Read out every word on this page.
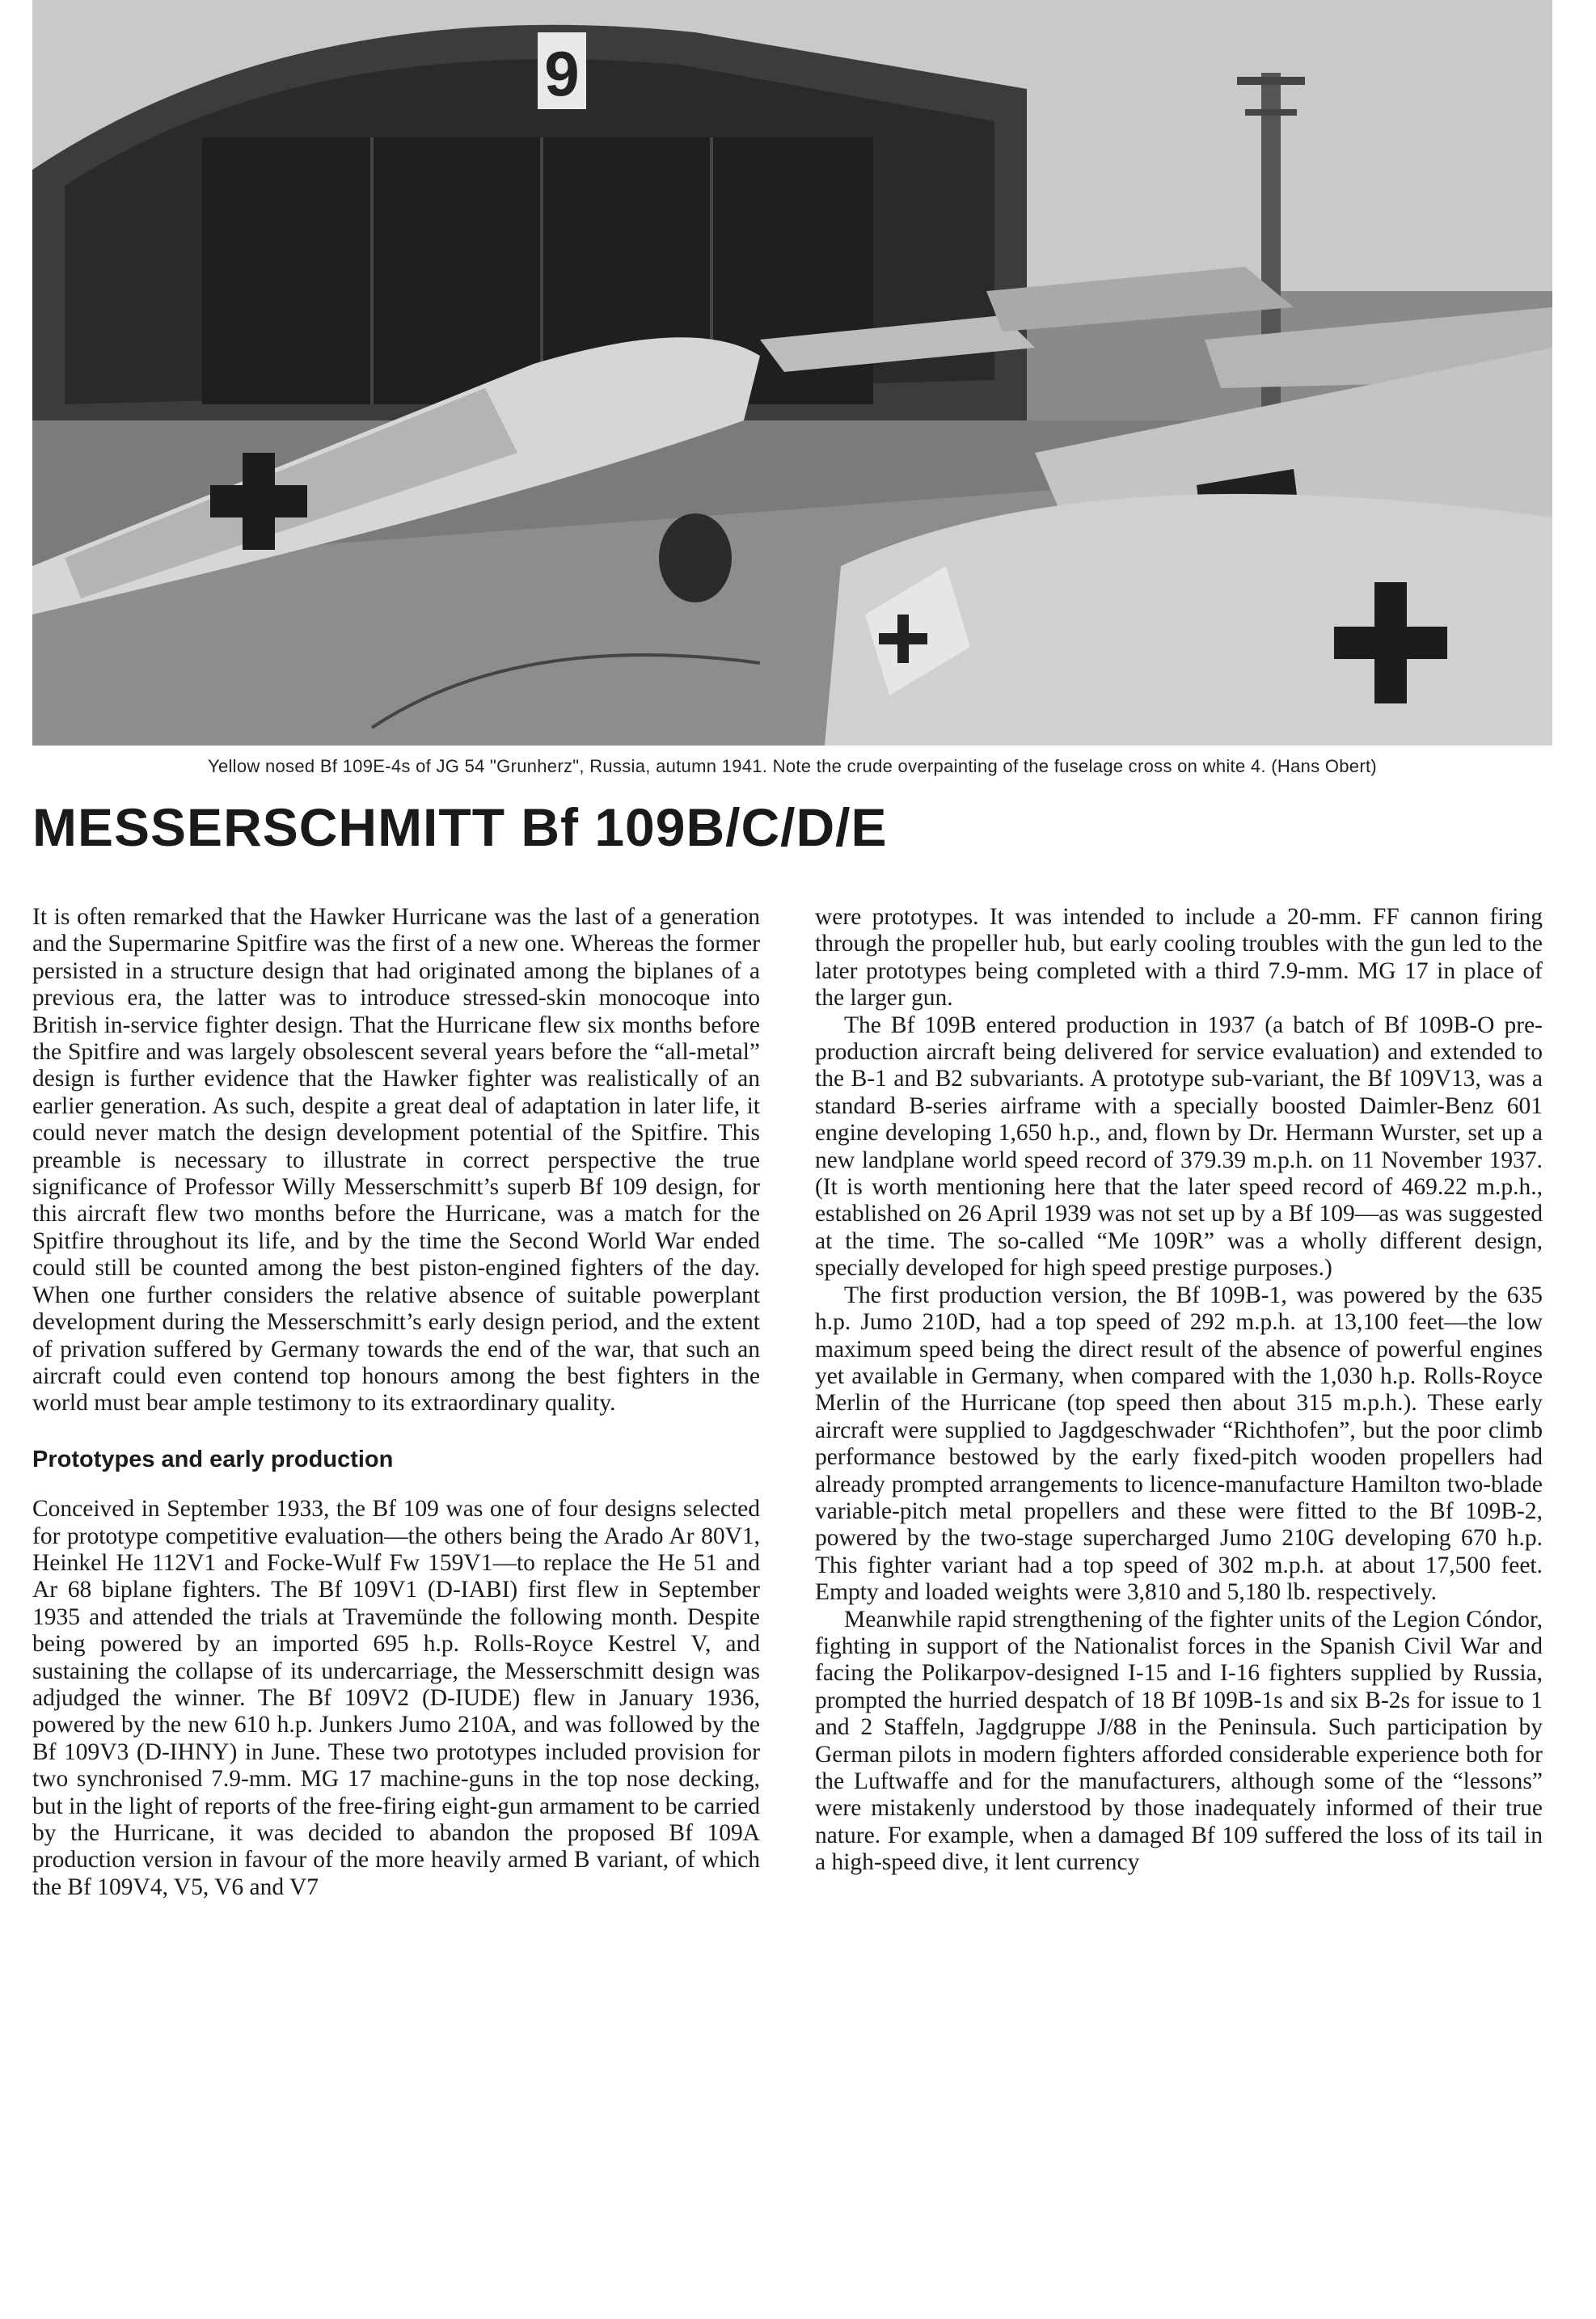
9
Yellow nosed Bf 109E-4s of JG 54 "Grunherz", Russia, autumn 1941. Note the crude overpainting of the fuselage cross on white 4. (Hans Obert)
MESSERSCHMITT Bf 109B/C/D/E

It is often remarked that the Hawker Hurricane was the last of a generation and the Supermarine Spitfire was the first of a new one. Whereas the former persisted in a structure design that had originated among the biplanes of a previous era, the latter was to introduce stressed-skin monocoque into British in-service fighter design. That the Hurricane flew six months before the Spitfire and was largely obsolescent several years before the “all-metal” design is further evidence that the Hawker fighter was realistically of an earlier generation. As such, despite a great deal of adaptation in later life, it could never match the design development potential of the Spitfire. This preamble is necessary to illustrate in correct perspective the true significance of Professor Willy Messerschmitt’s superb Bf 109 design, for this aircraft flew two months before the Hurricane, was a match for the Spitfire throughout its life, and by the time the Second World War ended could still be counted among the best piston-engined fighters of the day. When one further considers the relative absence of suitable powerplant development during the Messerschmitt’s early design period, and the extent of privation suffered by Germany towards the end of the war, that such an aircraft could even contend top honours among the best fighters in the world must bear ample testimony to its extraordinary quality.

Prototypes and early production

Conceived in September 1933, the Bf 109 was one of four designs selected for prototype competitive evaluation—the others being the Arado Ar 80V1, Heinkel He 112V1 and Focke-Wulf Fw 159V1—to replace the He 51 and Ar 68 biplane fighters. The Bf 109V1 (D-IABI) first flew in September 1935 and attended the trials at Travemünde the following month. Despite being powered by an imported 695 h.p. Rolls-Royce Kestrel V, and sustaining the collapse of its undercarriage, the Messerschmitt design was adjudged the winner. The Bf 109V2 (D-IUDE) flew in January 1936, powered by the new 610 h.p. Junkers Jumo 210A, and was followed by the Bf 109V3 (D-IHNY) in June. These two prototypes included provision for two synchronised 7.9-mm. MG 17 machine-guns in the top nose decking, but in the light of reports of the free-firing eight-gun armament to be carried by the Hurricane, it was decided to abandon the proposed Bf 109A production version in favour of the more heavily armed B variant, of which the Bf 109V4, V5, V6 and V7

were prototypes. It was intended to include a 20-mm. FF cannon firing through the propeller hub, but early cooling troubles with the gun led to the later prototypes being completed with a third 7.9-mm. MG 17 in place of the larger gun.

The Bf 109B entered production in 1937 (a batch of Bf 109B-O pre-production aircraft being delivered for service evaluation) and extended to the B-1 and B2 subvariants. A prototype sub-variant, the Bf 109V13, was a standard B-series airframe with a specially boosted Daimler-Benz 601 engine developing 1,650 h.p., and, flown by Dr. Hermann Wurster, set up a new landplane world speed record of 379.39 m.p.h. on 11 November 1937. (It is worth mentioning here that the later speed record of 469.22 m.p.h., established on 26 April 1939 was not set up by a Bf 109—as was suggested at the time. The so-called “Me 109R” was a wholly different design, specially developed for high speed prestige purposes.)

The first production version, the Bf 109B-1, was powered by the 635 h.p. Jumo 210D, had a top speed of 292 m.p.h. at 13,100 feet—the low maximum speed being the direct result of the absence of powerful engines yet available in Germany, when compared with the 1,030 h.p. Rolls-Royce Merlin of the Hurricane (top speed then about 315 m.p.h.). These early aircraft were supplied to Jagdgeschwader “Richthofen”, but the poor climb performance bestowed by the early fixed-pitch wooden propellers had already prompted arrangements to licence-manufacture Hamilton two-blade variable-pitch metal propellers and these were fitted to the Bf 109B-2, powered by the two-stage supercharged Jumo 210G developing 670 h.p. This fighter variant had a top speed of 302 m.p.h. at about 17,500 feet. Empty and loaded weights were 3,810 and 5,180 lb. respectively.

Meanwhile rapid strengthening of the fighter units of the Legion Cóndor, fighting in support of the Nationalist forces in the Spanish Civil War and facing the Polikarpov-designed I-15 and I-16 fighters supplied by Russia, prompted the hurried despatch of 18 Bf 109B-1s and six B-2s for issue to 1 and 2 Staffeln, Jagdgruppe J/88 in the Peninsula. Such participation by German pilots in modern fighters afforded considerable experience both for the Luftwaffe and for the manufacturers, although some of the “lessons” were mistakenly understood by those inadequately informed of their true nature. For example, when a damaged Bf 109 suffered the loss of its tail in a high-speed dive, it lent currency
